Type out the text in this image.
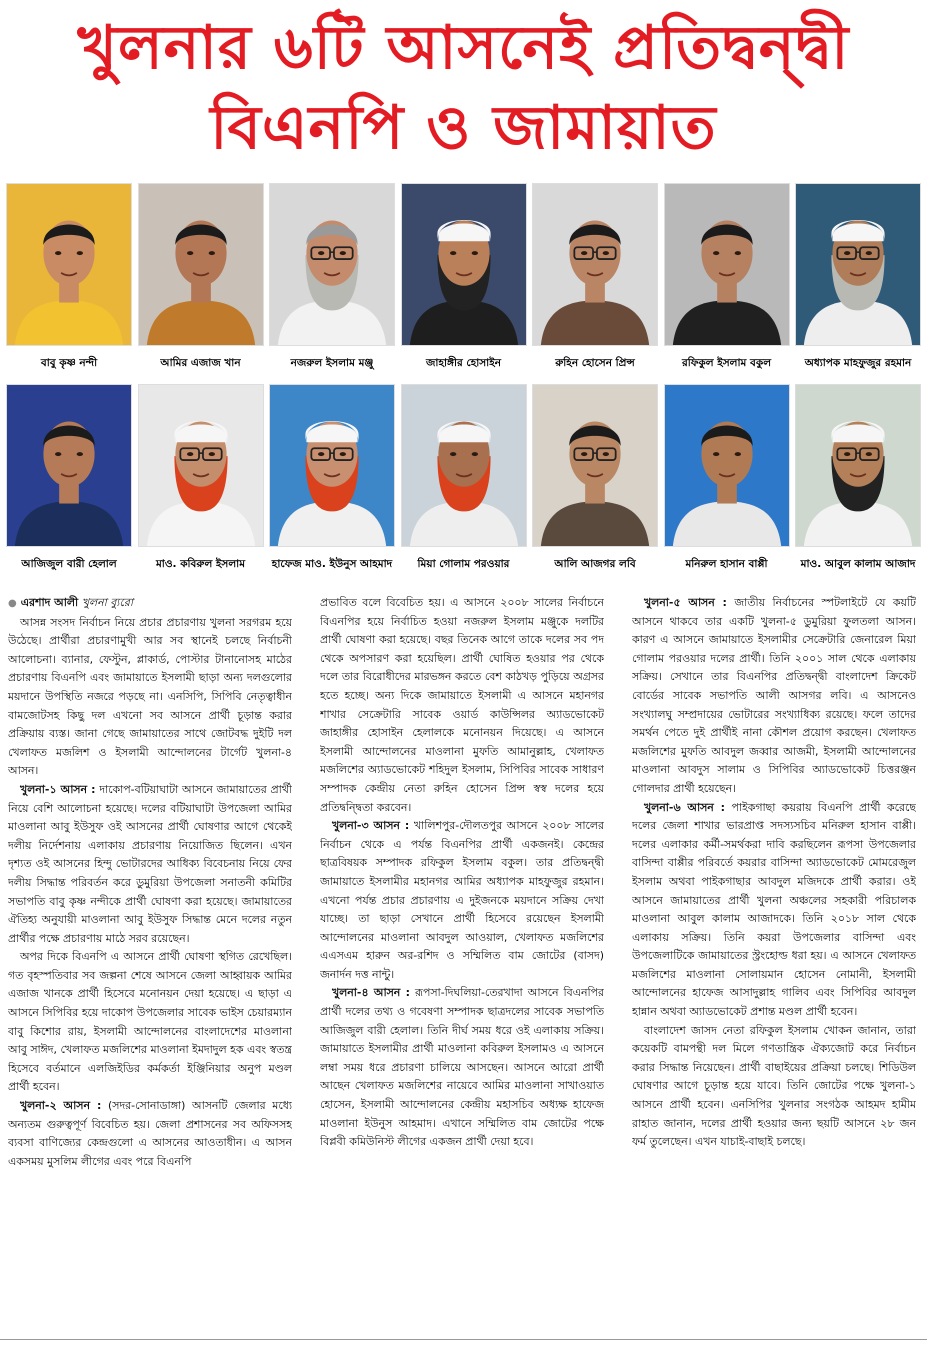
খুলনার ৬টি আসনেই প্রতিদ্বন্দ্বী
বিএনপি ও জামায়াত
বাবু কৃষ্ণ নন্দী	আমির এজাজ খান	নজরুল ইসলাম মঞ্জু	জাহাঙ্গীর হোসাইন	রুহিন হোসেন প্রিন্স	রফিকুল ইসলাম বকুল	অধ্যাপক মাহফুজুর রহমান
আজিজুল বারী হেলাল	মাও. কবিরুল ইসলাম	হাফেজ মাও. ইউনুস আহমাদ	মিয়া গোলাম পরওয়ার	আলি আজগর লবি	মনিরুল হাসান বাপ্পী	মাও. আবুল কালাম আজাদ
● এরশাদ আলী খুলনা ব্যুরো

আসন্ন সংসদ নির্বাচন নিয়ে প্রচার প্রচারণায় খুলনা সরগরম হয়ে উঠেছে। প্রার্থীরা প্রচারণামুখী আর সব স্থানেই চলছে নির্বাচনী আলোচনা। ব্যানার, ফেস্টুন, প্লাকার্ড, পোস্টার টানানোসহ মাঠের প্রচারণায় বিএনপি এবং জামায়াতে ইসলামী ছাড়া অন্য দলগুলোর ময়দানে উপস্থিতি নজরে পড়ছে না। এনসিপি, সিপিবি নেতৃত্বাধীন বামজোটসহ কিছু দল এখনো সব আসনে প্রার্থী চূড়ান্ত করার প্রক্রিয়ায় ব্যস্ত। জানা গেছে জামায়াতের সাথে জোটবদ্ধ দুইটি দল খেলাফত মজলিশ ও ইসলামী আন্দোলনের টার্গেট খুলনা-৪ আসন।

খুলনা-১ আসন : দাকোপ-বটিয়াঘাটা আসনে জামায়াতের প্রার্থী নিয়ে বেশি আলোচনা হয়েছে। দলের বটিয়াঘাটা উপজেলা আমির মাওলানা আবু ইউসুফ ওই আসনের প্রার্থী ঘোষণার আগে থেকেই দলীয় নির্দেশনায় এলাকায় প্রচারণায় নিয়োজিত ছিলেন। এখন দৃশ্যত ওই আসনের হিন্দু ভোটারদের আধিক্য বিবেচনায় নিয়ে ফের দলীয় সিদ্ধান্ত পরিবর্তন করে ডুমুরিয়া উপজেলা সনাতনী কমিটির সভাপতি বাবু কৃষ্ণ নন্দীকে প্রার্থী ঘোষণা করা হয়েছে। জামায়াতের ঐতিহ্য অনুযায়ী মাওলানা আবু ইউসুফ সিদ্ধান্ত মেনে দলের নতুন প্রার্থীর পক্ষে প্রচারণায় মাঠে সরব রয়েছেন।

অপর দিকে বিএনপি এ আসনে প্রার্থী ঘোষণা স্থগিত রেখেছিল। গত বৃহস্পতিবার সব জল্পনা শেষে আসনে জেলা আহ্বায়ক আমির এজাজ খানকে প্রার্থী হিসেবে মনোনয়ন দেয়া হয়েছে। এ ছাড়া এ আসনে সিপিবির হয়ে দাকোপ উপজেলার সাবেক ভাইস চেয়ারম্যান বাবু কিশোর রায়, ইসলামী আন্দোলনের বাংলাদেশের মাওলানা আবু সাঈদ, খেলাফত মজলিশের মাওলানা ইমদাদুল হক এবং স্বতন্ত্র হিসেবে বর্তমানে এলজিইডির কর্মকর্তা ইঞ্জিনিয়ার অনুপ মণ্ডল প্রার্থী হবেন।

খুলনা-২ আসন : (সদর-সোনাডাঙ্গা) আসনটি জেলার মধ্যে অন্যতম গুরুত্বপূর্ণ বিবেচিত হয়। জেলা প্রশাসনের সব অফিসসহ ব্যবসা বাণিজ্যের কেন্দ্রগুলো এ আসনের আওতাধীন। এ আসন একসময় মুসলিম লীগের এবং পরে বিএনপি

প্রভাবিত বলে বিবেচিত হয়। এ আসনে ২০০৮ সালের নির্বাচনে বিএনপির হয়ে নির্বাচিত হওয়া নজরুল ইসলাম মঞ্জুকে দলটির প্রার্থী ঘোষণা করা হয়েছে। বছর তিনেক আগে তাকে দলের সব পদ থেকে অপসারণ করা হয়েছিল। প্রার্থী ঘোষিত হওয়ার পর থেকে দলে তার বিরোধীদের মারভঙ্গন করতে বেশ কাঠখড় পুড়িয়ে অগ্রসর হতে হচ্ছে। অন্য দিকে জামায়াতে ইসলামী এ আসনে মহানগর শাখার সেক্রেটারি সাবেক ওয়ার্ড কাউন্সিলর অ্যাডভোকেট জাহাঙ্গীর হোসাইন হেলালকে মনোনয়ন দিয়েছে। এ আসনে ইসলামী আন্দোলনের মাওলানা মুফতি আমানুল্লাহ, খেলাফত মজলিশের অ্যাডভোকেট শহিদুল ইসলাম, সিপিবির সাবেক সাধারণ সম্পাদক কেন্দ্রীয় নেতা রুহিন হোসেন প্রিন্স স্বস্ব দলের হয়ে প্রতিদ্বন্দ্বিতা করবেন।

খুলনা-৩ আসন : খালিশপুর-দৌলতপুর আসনে ২০০৮ সালের নির্বাচন থেকে এ পর্যন্ত বিএনপির প্রার্থী একজনই। কেন্দ্রের ছাত্রবিষয়ক সম্পাদক রফিকুল ইসলাম বকুল। তার প্রতিদ্বন্দ্বী জামায়াতে ইসলামীর মহানগর আমির অধ্যাপক মাহফুজুর রহমান। এখনো পর্যন্ত প্রচার প্রচারণায় এ দুইজনকে ময়দানে সক্রিয় দেখা যাচ্ছে। তা ছাড়া সেখানে প্রার্থী হিসেবে রয়েছেন ইসলামী আন্দোলনের মাওলানা আবদুল আওয়াল, খেলাফত মজলিশের এএসএম হারুন অর-রশিদ ও সম্মিলিত বাম জোটের (বাসদ) জনার্দন দত্ত নান্টু।

খুলনা-৪ আসন : রূপসা-দিঘলিয়া-তেরখাদা আসনে বিএনপির প্রার্থী দলের তথ্য ও গবেষণা সম্পাদক ছাত্রদলের সাবেক সভাপতি আজিজুল বারী হেলাল। তিনি দীর্ঘ সময় ধরে ওই এলাকায় সক্রিয়। জামায়াতে ইসলামীর প্রার্থী মাওলানা কবিরুল ইসলামও এ আসনে লম্বা সময় ধরে প্রচারণা চালিয়ে আসছেন। আসনে আরো প্রার্থী আছেন খেলাফত মজলিশের নায়েবে আমির মাওলানা সাখাওয়াত হোসেন, ইসলামী আন্দোলনের কেন্দ্রীয় মহাসচিব অধ্যক্ষ হাফেজ মাওলানা ইউনুস আহমাদ। এখানে সম্মিলিত বাম জোটের পক্ষে বিপ্লবী কমিউনিস্ট লীগের একজন প্রার্থী দেয়া হবে।

খুলনা-৫ আসন : জাতীয় নির্বাচনের স্পটলাইটে যে কয়টি আসনে থাকবে তার একটি খুলনা-৫ ডুমুরিয়া ফুলতলা আসন। কারণ এ আসনে জামায়াতে ইসলামীর সেক্রেটারি জেনারেল মিয়া গোলাম পরওয়ার দলের প্রার্থী। তিনি ২০০১ সাল থেকে এলাকায় সক্রিয়। সেখানে তার বিএনপির প্রতিদ্বন্দ্বী বাংলাদেশ ক্রিকেট বোর্ডের সাবেক সভাপতি আলী আসগর লবি। এ আসনেও সংখ্যালঘু সম্প্রদায়ের ভোটারের সংখ্যাধিক্য রয়েছে। ফলে তাদের সমর্থন পেতে দুই প্রার্থীই নানা কৌশল প্রয়োগ করছেন। খেলাফত মজলিশের মুফতি আবদুল জব্বার আজমী, ইসলামী আন্দোলনের মাওলানা আবদুস সালাম ও সিপিবির অ্যাডভোকেট চিত্তরঞ্জন গোলদার প্রার্থী হয়েছেন।

খুলনা-৬ আসন : পাইকগাছা কয়রায় বিএনপি প্রার্থী করেছে দলের জেলা শাখার ভারপ্রাপ্ত সদস্যসচিব মনিরুল হাসান বাপ্পী। দলের এলাকার কর্মী-সমর্থকরা দাবি করছিলেন রূপসা উপজেলার বাসিন্দা বাপ্পীর পরিবর্তে কয়রার বাসিন্দা অ্যাডভোকেট মোমরেজুল ইসলাম অথবা পাইকগাছার আবদুল মজিদকে প্রার্থী করার। ওই আসনে জামায়াতের প্রার্থী খুলনা অঞ্চলের সহকারী পরিচালক মাওলানা আবুল কালাম আজাদকে। তিনি ২০১৮ সাল থেকে এলাকায় সক্রিয়। তিনি কয়রা উপজেলার বাসিন্দা এবং উপজেলাটিকে জামায়াতের স্ট্রংহোল্ড ধরা হয়। এ আসনে খেলাফত মজলিশের মাওলানা সোলায়মান হোসেন নোমানী, ইসলামী আন্দোলনের হাফেজ আসাদুল্লাহ গালিব এবং সিপিবির আবদুল হান্নান অথবা অ্যাডভোকেট প্রশান্ত মণ্ডল প্রার্থী হবেন।

বাংলাদেশ জাসদ নেতা রফিকুল ইসলাম খোকন জানান, তারা কয়েকটি বামপন্থী দল মিলে গণতান্ত্রিক ঐক্যজোট করে নির্বাচন করার সিদ্ধান্ত নিয়েছেন। প্রার্থী বাছাইয়ের প্রক্রিয়া চলছে। শিডিউল ঘোষণার আগে চূড়ান্ত হয়ে যাবে। তিনি জোটের পক্ষে খুলনা-১ আসনে প্রার্থী হবেন। এনসিপির খুলনার সংগঠক আহমদ হামীম রাহাত জানান, দলের প্রার্থী হওয়ার জন্য ছয়টি আসনে ২৮ জন ফর্ম তুলেছেন। এখন যাচাই-বাছাই চলছে।
